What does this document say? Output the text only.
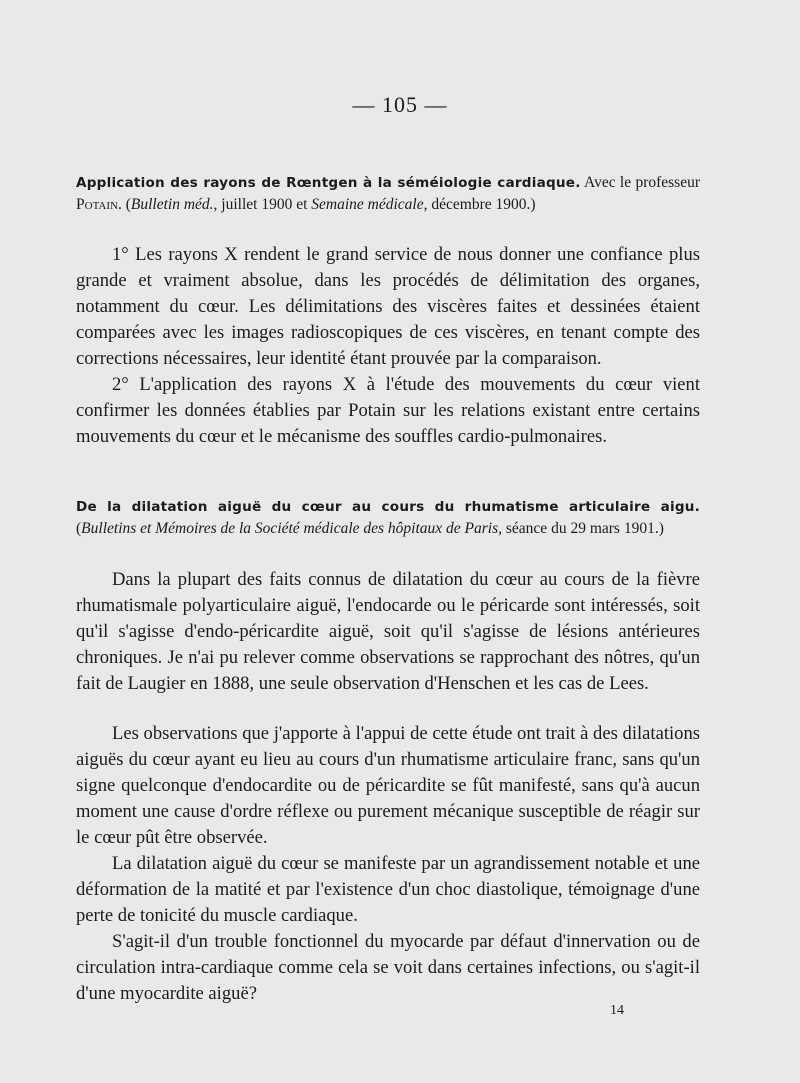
— 105 —
Application des rayons de Rœntgen à la séméiologie cardiaque. Avec le professeur Potain. (Bulletin méd., juillet 1900 et Semaine médicale, décembre 1900.)

1° Les rayons X rendent le grand service de nous donner une confiance plus grande et vraiment absolue, dans les procédés de délimitation des organes, notamment du cœur. Les délimitations des viscères faites et dessinées étaient comparées avec les images radioscopiques de ces viscères, en tenant compte des corrections nécessaires, leur identité étant prouvée par la comparaison.

2° L'application des rayons X à l'étude des mouvements du cœur vient confirmer les données établies par Potain sur les relations existant entre certains mouvements du cœur et le mécanisme des souffles cardio-pulmonaires.

De la dilatation aiguë du cœur au cours du rhumatisme articulaire aigu. (Bulletins et Mémoires de la Société médicale des hôpitaux de Paris, séance du 29 mars 1901.)

Dans la plupart des faits connus de dilatation du cœur au cours de la fièvre rhumatismale polyarticulaire aiguë, l'endocarde ou le péricarde sont intéressés, soit qu'il s'agisse d'endo-péricardite aiguë, soit qu'il s'agisse de lésions antérieures chroniques. Je n'ai pu relever comme observations se rapprochant des nôtres, qu'un fait de Laugier en 1888, une seule observation d'Henschen et les cas de Lees.

Les observations que j'apporte à l'appui de cette étude ont trait à des dilatations aiguës du cœur ayant eu lieu au cours d'un rhumatisme articulaire franc, sans qu'un signe quelconque d'endocardite ou de péricardite se fût manifesté, sans qu'à aucun moment une cause d'ordre réflexe ou purement mécanique susceptible de réagir sur le cœur pût être observée.

La dilatation aiguë du cœur se manifeste par un agrandissement notable et une déformation de la matité et par l'existence d'un choc diastolique, témoignage d'une perte de tonicité du muscle cardiaque.

S'agit-il d'un trouble fonctionnel du myocarde par défaut d'innervation ou de circulation intra-cardiaque comme cela se voit dans certaines infections, ou s'agit-il d'une myocardite aiguë?

14
